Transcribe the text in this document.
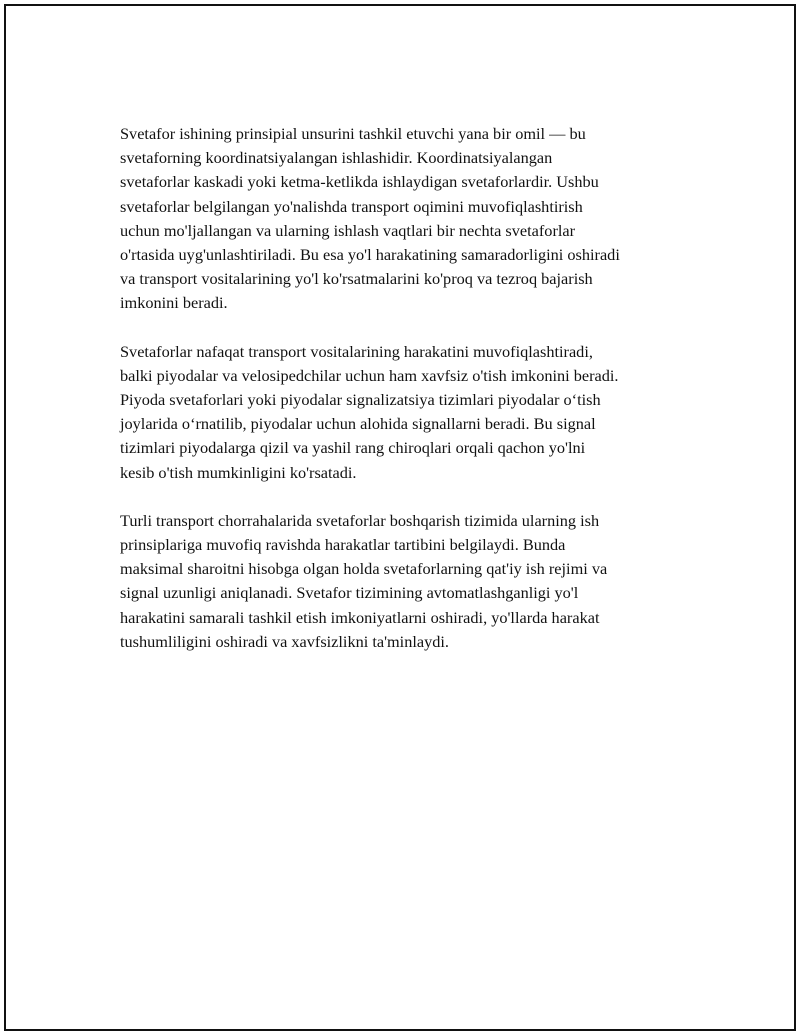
Svetafor ishining prinsipial unsurini tashkil etuvchi yana bir omil — bu
svetaforning koordinatsiyalangan ishlashidir. Koordinatsiyalangan
svetaforlar kaskadi yoki ketma-ketlikda ishlaydigan svetaforlardir. Ushbu
svetaforlar belgilangan yo'nalishda transport oqimini muvofiqlashtirish
uchun mo'ljallangan va ularning ishlash vaqtlari bir nechta svetaforlar
o'rtasida uyg'unlashtiriladi. Bu esa yo'l harakatining samaradorligini oshiradi
va transport vositalarining yo'l ko'rsatmalarini ko'proq va tezroq bajarish
imkonini beradi.

Svetaforlar nafaqat transport vositalarining harakatini muvofiqlashtiradi,
balki piyodalar va velosipedchilar uchun ham xavfsiz o'tish imkonini beradi.
Piyoda svetaforlari yoki piyodalar signalizatsiya tizimlari piyodalar o‘tish
joylarida o‘rnatilib, piyodalar uchun alohida signallarni beradi. Bu signal
tizimlari piyodalarga qizil va yashil rang chiroqlari orqali qachon yo'lni
kesib o'tish mumkinligini ko'rsatadi.

Turli transport chorrahalarida svetaforlar boshqarish tizimida ularning ish
prinsiplariga muvofiq ravishda harakatlar tartibini belgilaydi. Bunda
maksimal sharoitni hisobga olgan holda svetaforlarning qat'iy ish rejimi va
signal uzunligi aniqlanadi. Svetafor tizimining avtomatlashganligi yo'l
harakatini samarali tashkil etish imkoniyatlarni oshiradi, yo'llarda harakat
tushumliligini oshiradi va xavfsizlikni ta'minlaydi.
